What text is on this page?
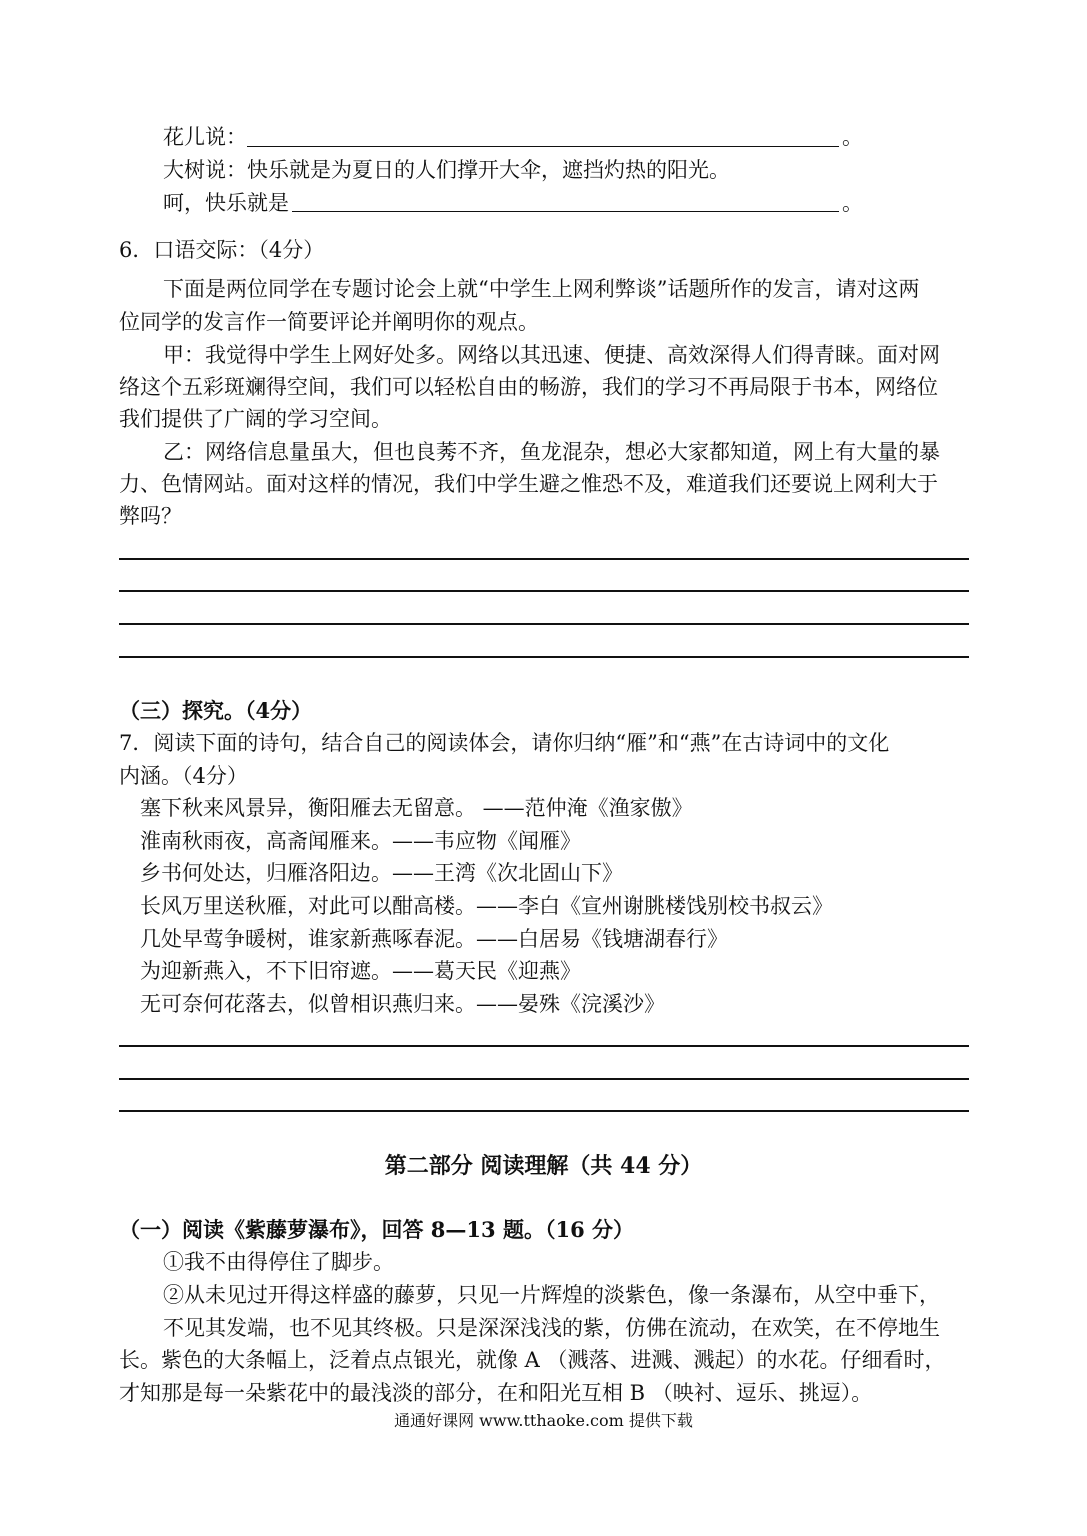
花儿说：	。
大树说：快乐就是为夏日的人们撑开大伞，遮挡灼热的阳光。
呵，快乐就是	。
6．口语交际：（4分）
下面是两位同学在专题讨论会上就“中学生上网利弊谈”话题所作的发言，请对这两
位同学的发言作一简要评论并阐明你的观点。
甲：我觉得中学生上网好处多。网络以其迅速、便捷、高效深得人们得青睐。面对网
络这个五彩斑斓得空间，我们可以轻松自由的畅游，我们的学习不再局限于书本，网络位
我们提供了广阔的学习空间。
乙：网络信息量虽大，但也良莠不齐，鱼龙混杂，想必大家都知道，网上有大量的暴
力、色情网站。面对这样的情况，我们中学生避之惟恐不及，难道我们还要说上网利大于
弊吗？
（三）探究。（4分）
7．阅读下面的诗句，结合自己的阅读体会，请你归纳“雁”和“燕”在古诗词中的文化
内涵。（4分）
塞下秋来风景异，衡阳雁去无留意。 ——范仲淹《渔家傲》
淮南秋雨夜，高斋闻雁来。——韦应物《闻雁》
乡书何处达，归雁洛阳边。——王湾《次北固山下》
长风万里送秋雁，对此可以酣高楼。——李白《宣州谢朓楼饯别校书叔云》
几处早莺争暖树，谁家新燕啄春泥。——白居易《钱塘湖春行》
为迎新燕入，不下旧帘遮。——葛天民《迎燕》
无可奈何花落去，似曾相识燕归来。——晏殊《浣溪沙》
第二部分 阅读理解（共 44 分）
（一）阅读《紫藤萝瀑布》，回答 8—13 题。（16 分）
①我不由得停住了脚步。
②从未见过开得这样盛的藤萝，只见一片辉煌的淡紫色，像一条瀑布，从空中垂下，
不见其发端，也不见其终极。只是深深浅浅的紫，仿佛在流动，在欢笑，在不停地生
长。紫色的大条幅上，泛着点点银光，就像 A （溅落、进溅、溅起）的水花。仔细看时，
才知那是每一朵紫花中的最浅淡的部分，在和阳光互相 B （映衬、逗乐、挑逗）。
通通好课网 www.tthaoke.com 提供下载
